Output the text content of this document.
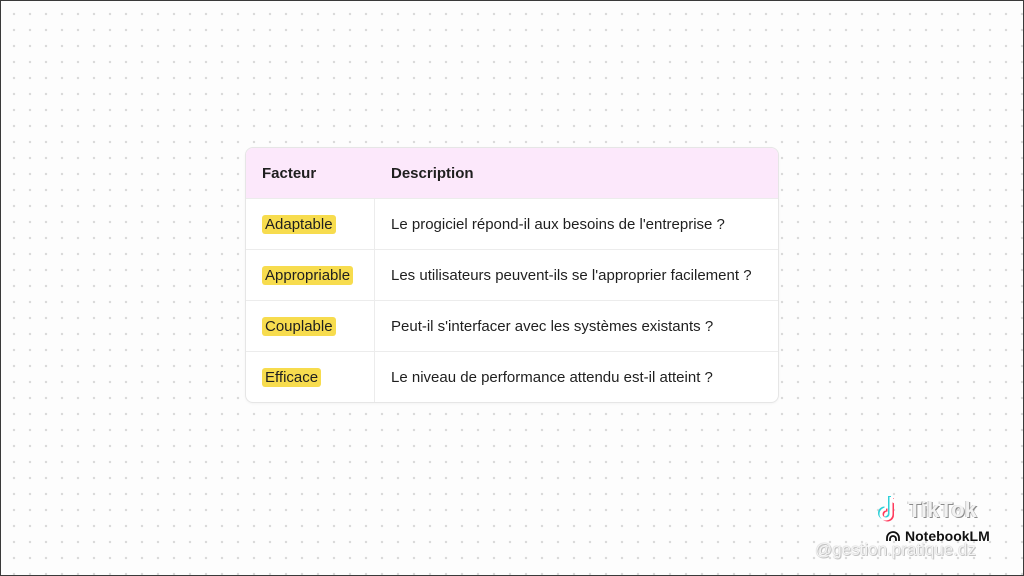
Facteur	Description
Adaptable	Le progiciel répond-il aux besoins de l'entreprise ?
Appropriable	Les utilisateurs peuvent-ils se l'approprier facilement ?
Couplable	Peut-il s'interfacer avec les systèmes existants ?
Efficace	Le niveau de performance attendu est-il atteint ?
TikTok
NotebookLM
@gestion.pratique.dz
